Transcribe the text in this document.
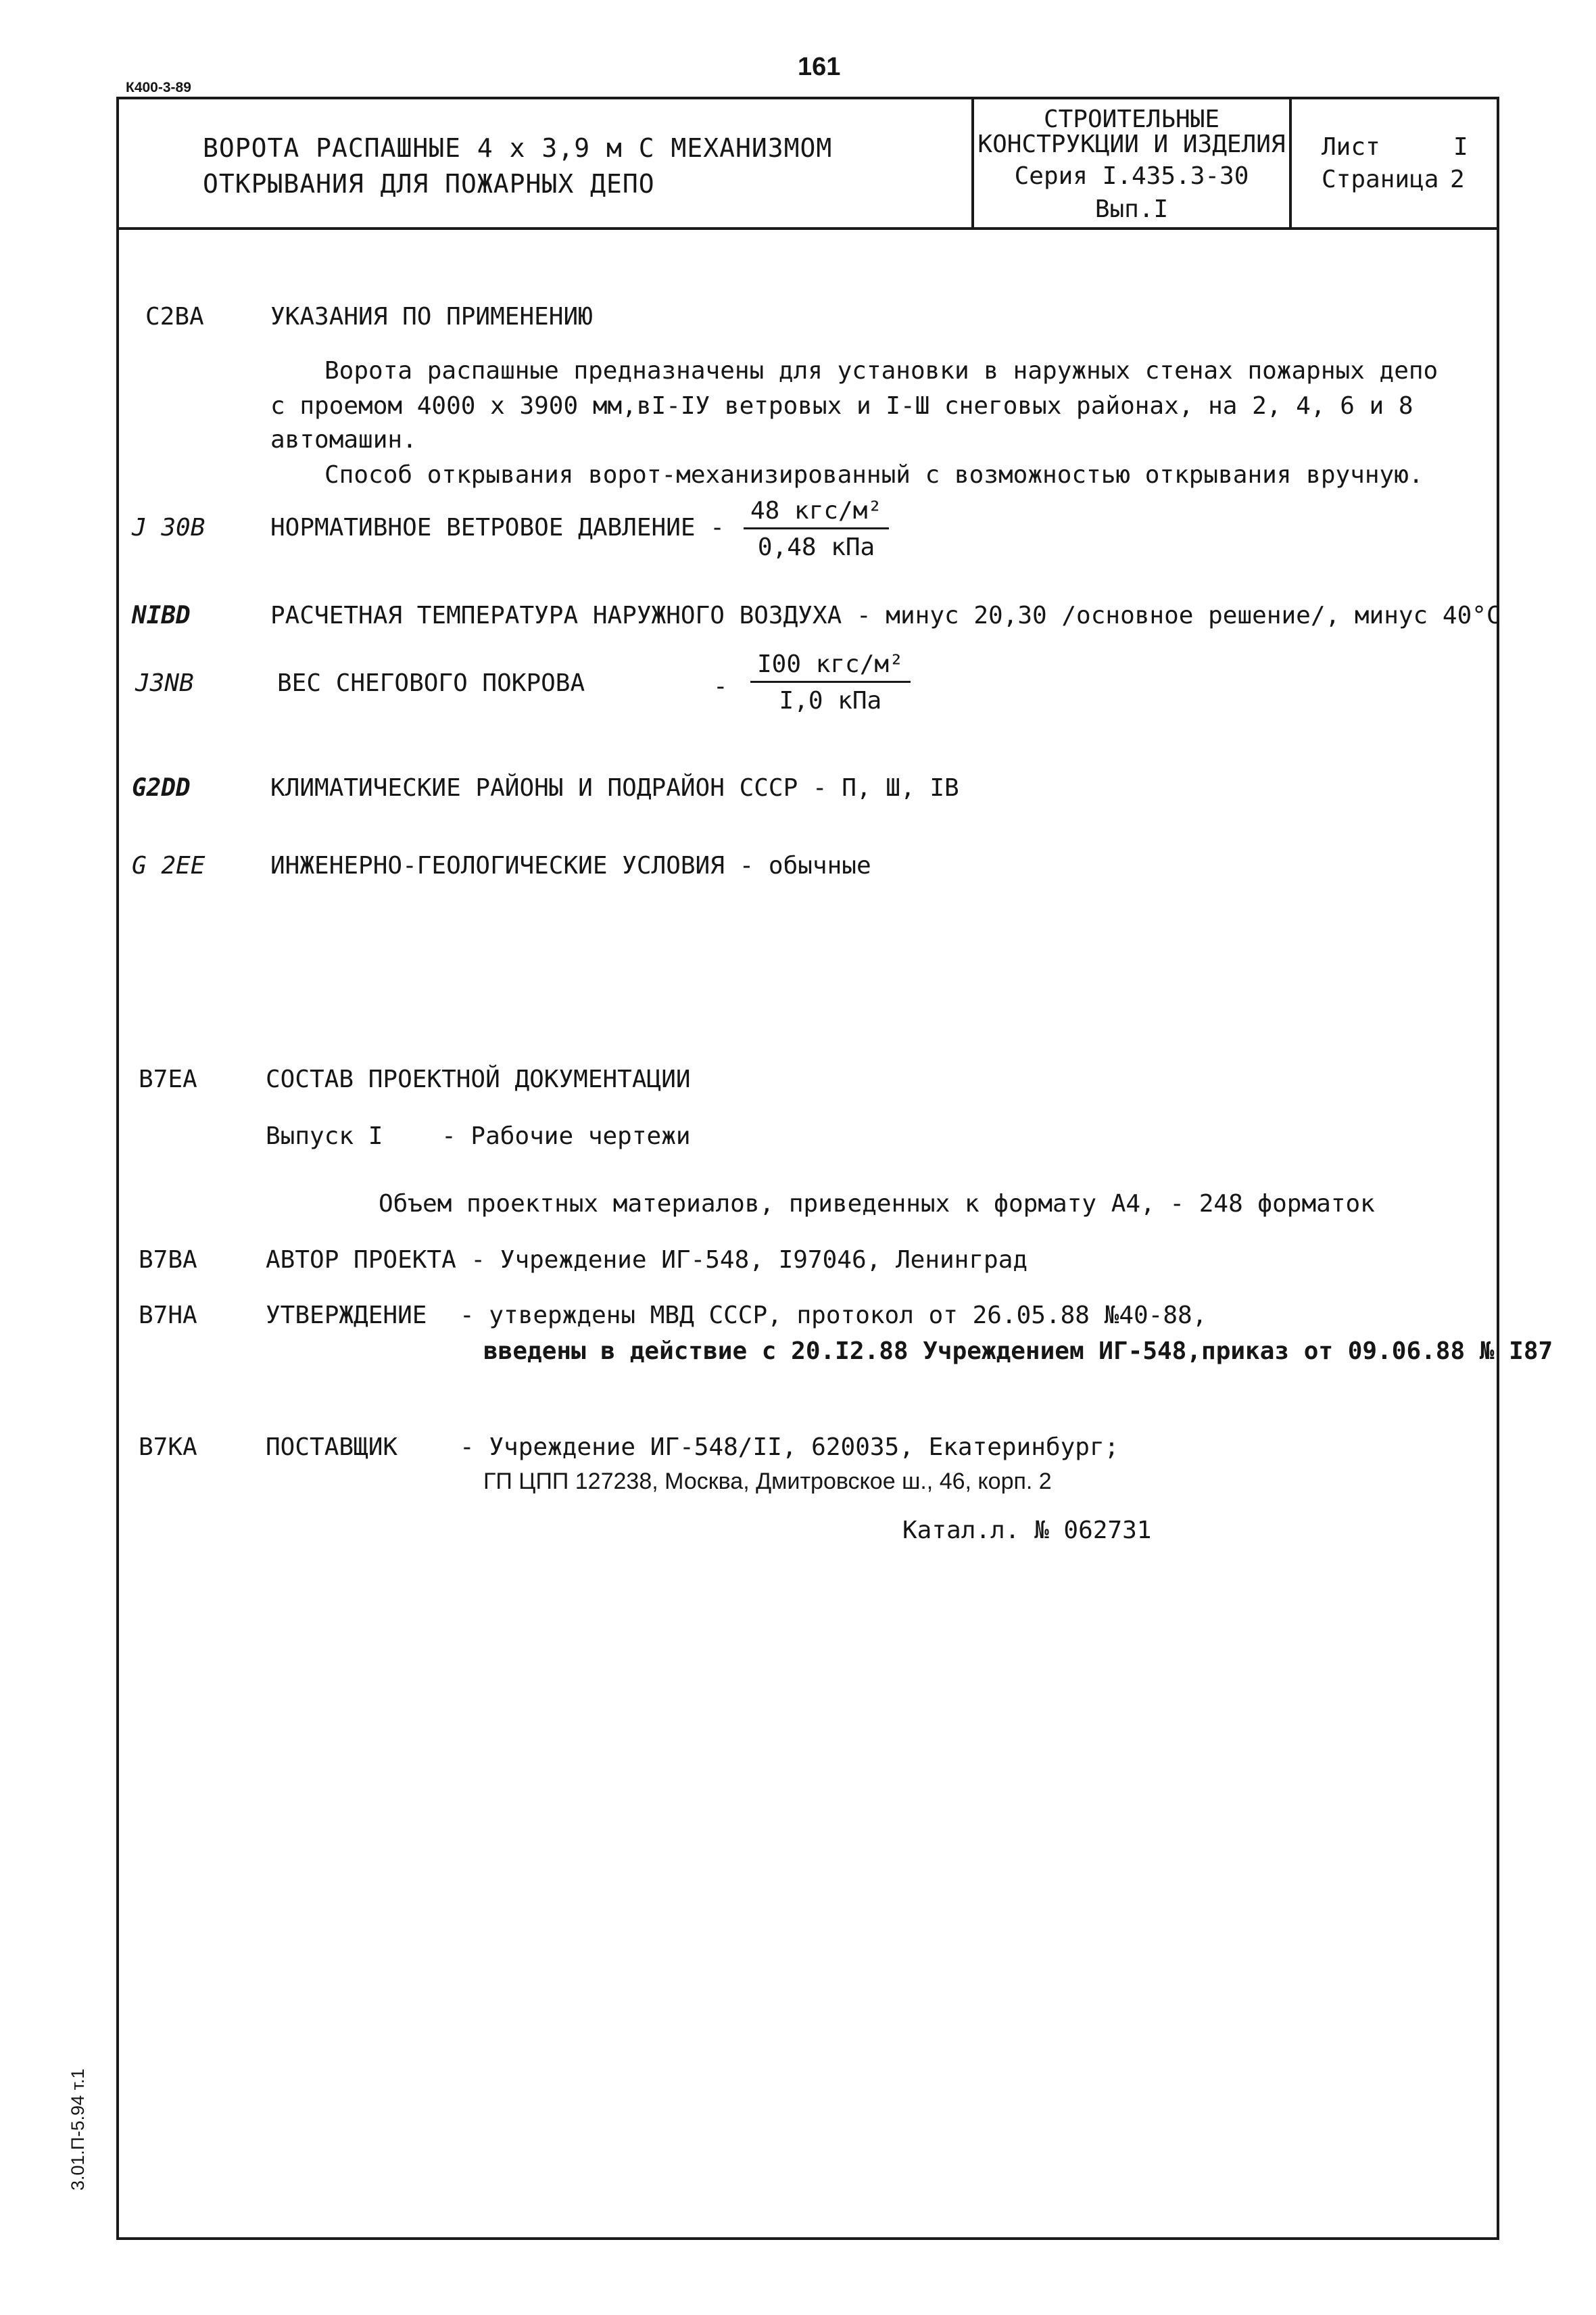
161
К400-3-89
ВОРОТА РАСПАШНЫЕ 4 х 3,9 м С МЕХАНИЗМОМ
ОТКРЫВАНИЯ ДЛЯ ПОЖАРНЫХ ДЕПО
СТРОИТЕЛЬНЫЕ
КОНСТРУКЦИИ И ИЗДЕЛИЯ
Серия I.435.3-30
Вып.I
Лист	I
Страница 2
С2ВА	УКАЗАНИЯ ПО ПРИМЕНЕНИЮ
Ворота распашные предназначены для установки в наружных стенах пожарных депо
с проемом 4000 х 3900 мм,вI-IУ ветровых и I-Ш снеговых районах, на 2, 4, 6 и 8
автомашин.
Способ открывания ворот-механизированный с возможностью открывания вручную.
J 30В	НОРМАТИВНОЕ ВЕТРОВОЕ ДАВЛЕНИЕ -
48 кгс/м²
0,48 кПа
NIBD	РАСЧЕТНАЯ ТЕМПЕРАТУРА НАРУЖНОГО ВОЗДУХА - минус 20,30 /основное решение/, минус 40°С
J3NВ	ВЕС СНЕГОВОГО ПОКРОВА	-
I00 кгс/м²
I,0 кПа
G2DD	КЛИМАТИЧЕСКИЕ РАЙОНЫ И ПОДРАЙОН СССР - П, Ш, IВ
G 2ЕЕ	ИНЖЕНЕРНО-ГЕОЛОГИЧЕСКИЕ УСЛОВИЯ - обычные
В7ЕА	СОСТАВ ПРОЕКТНОЙ ДОКУМЕНТАЦИИ
Выпуск I    - Рабочие чертежи
Объем проектных материалов, приведенных к формату А4, - 248 форматок
В7ВА	АВТОР ПРОЕКТА - Учреждение ИГ-548, I97046, Ленинград
В7НА	УТВЕРЖДЕНИЕ - утверждены МВД СССР, протокол от 26.05.88 №40-88,
введены в действие с 20.I2.88 Учреждением ИГ-548,приказ от 09.06.88 № I87
В7КА	ПОСТАВЩИК	- Учреждение ИГ-548/II, 620035, Екатеринбург;
ГП ЦПП 127238, Москва, Дмитровское ш., 46, корп. 2
Катал.л. № 062731
3.01.П-5.94 т.1
